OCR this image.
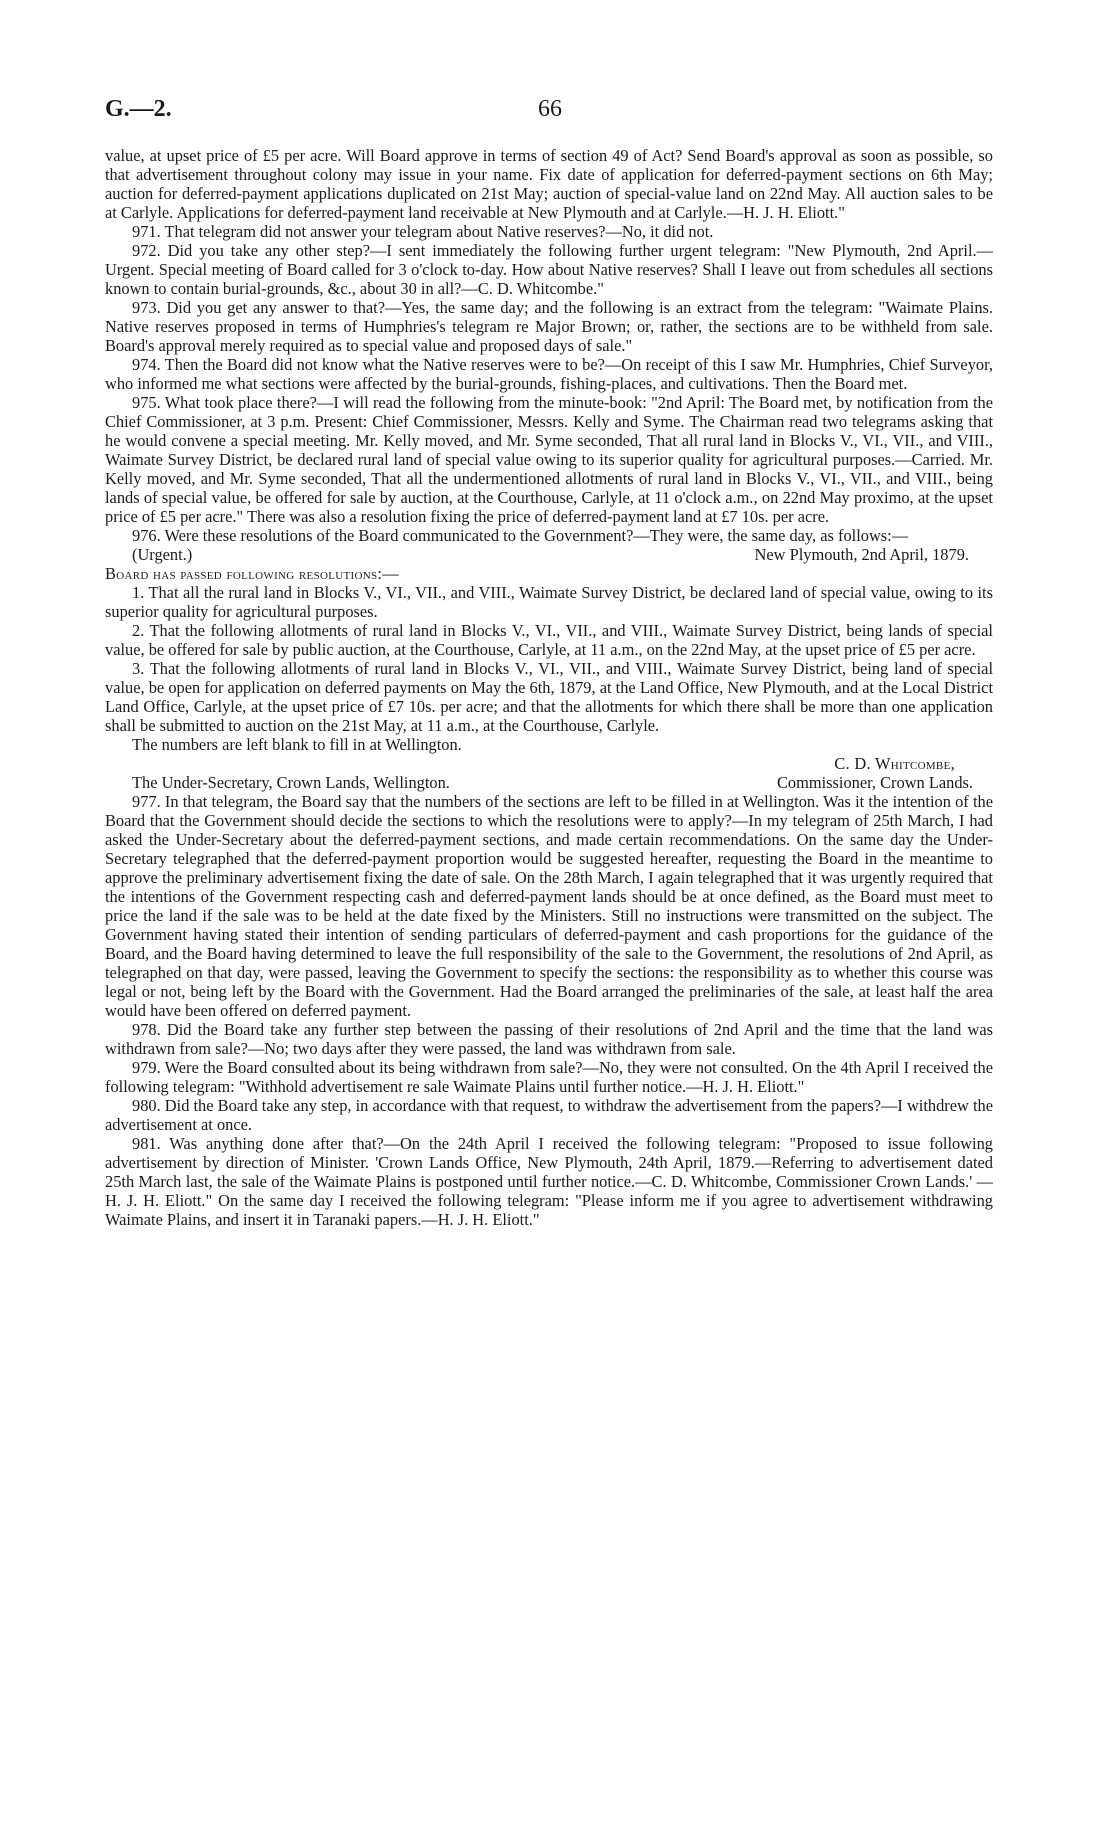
G.—2.	66

value, at upset price of £5 per acre. Will Board approve in terms of section 49 of Act? Send Board's approval as soon as possible, so that advertisement throughout colony may issue in your name. Fix date of application for deferred-payment sections on 6th May; auction for deferred-payment applications duplicated on 21st May; auction of special-value land on 22nd May. All auction sales to be at Carlyle. Applications for deferred-payment land receivable at New Plymouth and at Carlyle.—H. J. H. Eliott."

971. That telegram did not answer your telegram about Native reserves?—No, it did not.

972. Did you take any other step?—I sent immediately the following further urgent telegram: "New Plymouth, 2nd April.—Urgent. Special meeting of Board called for 3 o'clock to-day. How about Native reserves? Shall I leave out from schedules all sections known to contain burial-grounds, &c., about 30 in all?—C. D. Whitcombe."

973. Did you get any answer to that?—Yes, the same day; and the following is an extract from the telegram: "Waimate Plains. Native reserves proposed in terms of Humphries's telegram re Major Brown; or, rather, the sections are to be withheld from sale. Board's approval merely required as to special value and proposed days of sale."

974. Then the Board did not know what the Native reserves were to be?—On receipt of this I saw Mr. Humphries, Chief Surveyor, who informed me what sections were affected by the burial-grounds, fishing-places, and cultivations. Then the Board met.

975. What took place there?—I will read the following from the minute-book: "2nd April: The Board met, by notification from the Chief Commissioner, at 3 p.m. Present: Chief Commissioner, Messrs. Kelly and Syme. The Chairman read two telegrams asking that he would convene a special meeting. Mr. Kelly moved, and Mr. Syme seconded, That all rural land in Blocks V., VI., VII., and VIII., Waimate Survey District, be declared rural land of special value owing to its superior quality for agricultural purposes.—Carried. Mr. Kelly moved, and Mr. Syme seconded, That all the undermentioned allotments of rural land in Blocks V., VI., VII., and VIII., being lands of special value, be offered for sale by auction, at the Courthouse, Carlyle, at 11 o'clock a.m., on 22nd May proximo, at the upset price of £5 per acre." There was also a resolution fixing the price of deferred-payment land at £7 10s. per acre.

976. Were these resolutions of the Board communicated to the Government?—They were, the same day, as follows:—

(Urgent.)	New Plymouth, 2nd April, 1879.

Board has passed following resolutions:—

1. That all the rural land in Blocks V., VI., VII., and VIII., Waimate Survey District, be declared land of special value, owing to its superior quality for agricultural purposes.

2. That the following allotments of rural land in Blocks V., VI., VII., and VIII., Waimate Survey District, being lands of special value, be offered for sale by public auction, at the Courthouse, Carlyle, at 11 a.m., on the 22nd May, at the upset price of £5 per acre.

3. That the following allotments of rural land in Blocks V., VI., VII., and VIII., Waimate Survey District, being land of special value, be open for application on deferred payments on May the 6th, 1879, at the Land Office, New Plymouth, and at the Local District Land Office, Carlyle, at the upset price of £7 10s. per acre; and that the allotments for which there shall be more than one application shall be submitted to auction on the 21st May, at 11 a.m., at the Courthouse, Carlyle.

The numbers are left blank to fill in at Wellington.

C. D. Whitcombe,
The Under-Secretary, Crown Lands, Wellington.	Commissioner, Crown Lands.

977. In that telegram, the Board say that the numbers of the sections are left to be filled in at Wellington. Was it the intention of the Board that the Government should decide the sections to which the resolutions were to apply?—In my telegram of 25th March, I had asked the Under-Secretary about the deferred-payment sections, and made certain recommendations. On the same day the Under-Secretary telegraphed that the deferred-payment proportion would be suggested hereafter, requesting the Board in the meantime to approve the preliminary advertisement fixing the date of sale. On the 28th March, I again telegraphed that it was urgently required that the intentions of the Government respecting cash and deferred-payment lands should be at once defined, as the Board must meet to price the land if the sale was to be held at the date fixed by the Ministers. Still no instructions were transmitted on the subject. The Government having stated their intention of sending particulars of deferred-payment and cash proportions for the guidance of the Board, and the Board having determined to leave the full responsibility of the sale to the Government, the resolutions of 2nd April, as telegraphed on that day, were passed, leaving the Government to specify the sections: the responsibility as to whether this course was legal or not, being left by the Board with the Government. Had the Board arranged the preliminaries of the sale, at least half the area would have been offered on deferred payment.

978. Did the Board take any further step between the passing of their resolutions of 2nd April and the time that the land was withdrawn from sale?—No; two days after they were passed, the land was withdrawn from sale.

979. Were the Board consulted about its being withdrawn from sale?—No, they were not consulted. On the 4th April I received the following telegram: "Withhold advertisement re sale Waimate Plains until further notice.—H. J. H. Eliott."

980. Did the Board take any step, in accordance with that request, to withdraw the advertisement from the papers?—I withdrew the advertisement at once.

981. Was anything done after that?—On the 24th April I received the following telegram: "Proposed to issue following advertisement by direction of Minister. 'Crown Lands Office, New Plymouth, 24th April, 1879.—Referring to advertisement dated 25th March last, the sale of the Waimate Plains is postponed until further notice.—C. D. Whitcombe, Commissioner Crown Lands.' —H. J. H. Eliott." On the same day I received the following telegram: "Please inform me if you agree to advertisement withdrawing Waimate Plains, and insert it in Taranaki papers.—H. J. H. Eliott."
